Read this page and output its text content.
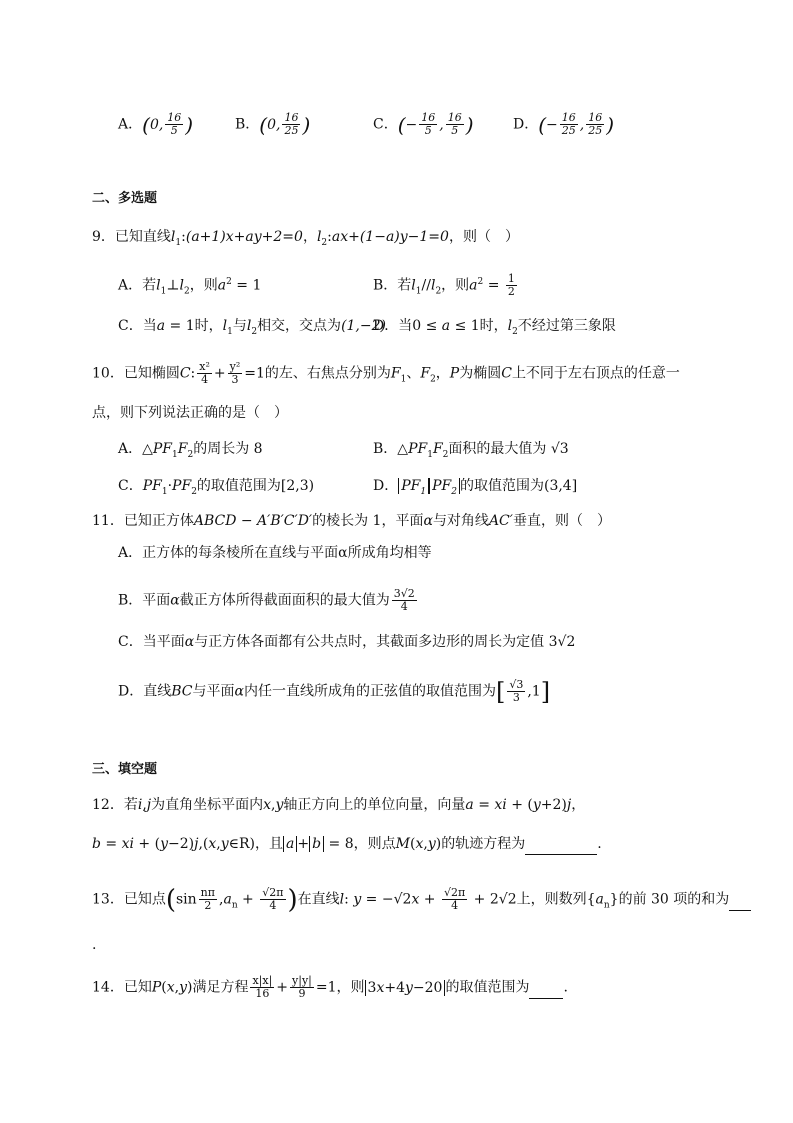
A．(0, $\frac{16}{5}$ )	B．(0, $\frac{16}{25}$ )	C．(− $\frac{16}{5}$ , $\frac{16}{5}$ )	D．(− $\frac{16}{25}$ , $\frac{16}{25}$ )
二、多选题
9．已知直线$l_1:(a+1)x+ay+2=0$，$l_2:ax+(1-a)y-1=0$，则（　）
A．若$l_1\perp l_2$，则$a^2 = 1$	B．若$l_1//l_2$，则$a^2 = \frac{1}{2}$
C．当a = 1时，$l_1$与$l_2$相交，交点为(1,−2)
D．当0 ≤ a ≤ 1时，$l_2$不经过第三象限
10．已知椭圆C: $\frac{\text{x²}}{4} + \frac{\text{y²}}{3} =1$的左、右焦点分别为$F_1$、$F_2$，P为椭圆C上不同于左右顶点的任意一
点，则下列说法正确的是（　）
A．$\triangle PF_1F_2$的周长为 8	B．$\triangle PF_1F_2$面积的最大值为 √3
C．$PF_1\cdot PF_2$的取值范围为[2,3)	D． $PF_1$ $PF_2$ 的取值范围为(3,4]
11．已知正方体ABCD − A′B′C′D′的棱长为 1，平面α与对角线AC′垂直，则（　）
A．正方体的每条棱所在直线与平面α所成角均相等
B．平面α截正方体所得截面面积的最大值为 $\frac{3√2}{4}$
C．当平面α与正方体各面都有公共点时，其截面多边形的周长为定值 3√2
D．直线BC与平面α内任一直线所成角的正弦值的取值范围为[ $\frac{√3}{3} ,1$]
三、填空题
12．若i,j为直角坐标平面内x,y轴正方向上的单位向量，向量a = xi + (y+2)j，
b = xi + (y−2)j,(x,y∈R)，且 a + b = 8，则点M(x,y)的轨迹方程为	.
13．已知点($\sin \frac{n\pi}{2} ,a_n + \frac{√2\pi}{4}$ )在直线l: $y = -√2x + \frac{√2\pi}{4} + 2√2$上，则数列$\{a_n\}$的前 30 项的和为
.
14．已知P(x,y)满足方程 $\frac{x|x|}{16} + \frac{y|y|}{9} =1$，则 3x+4y−20 的取值范围为 .
